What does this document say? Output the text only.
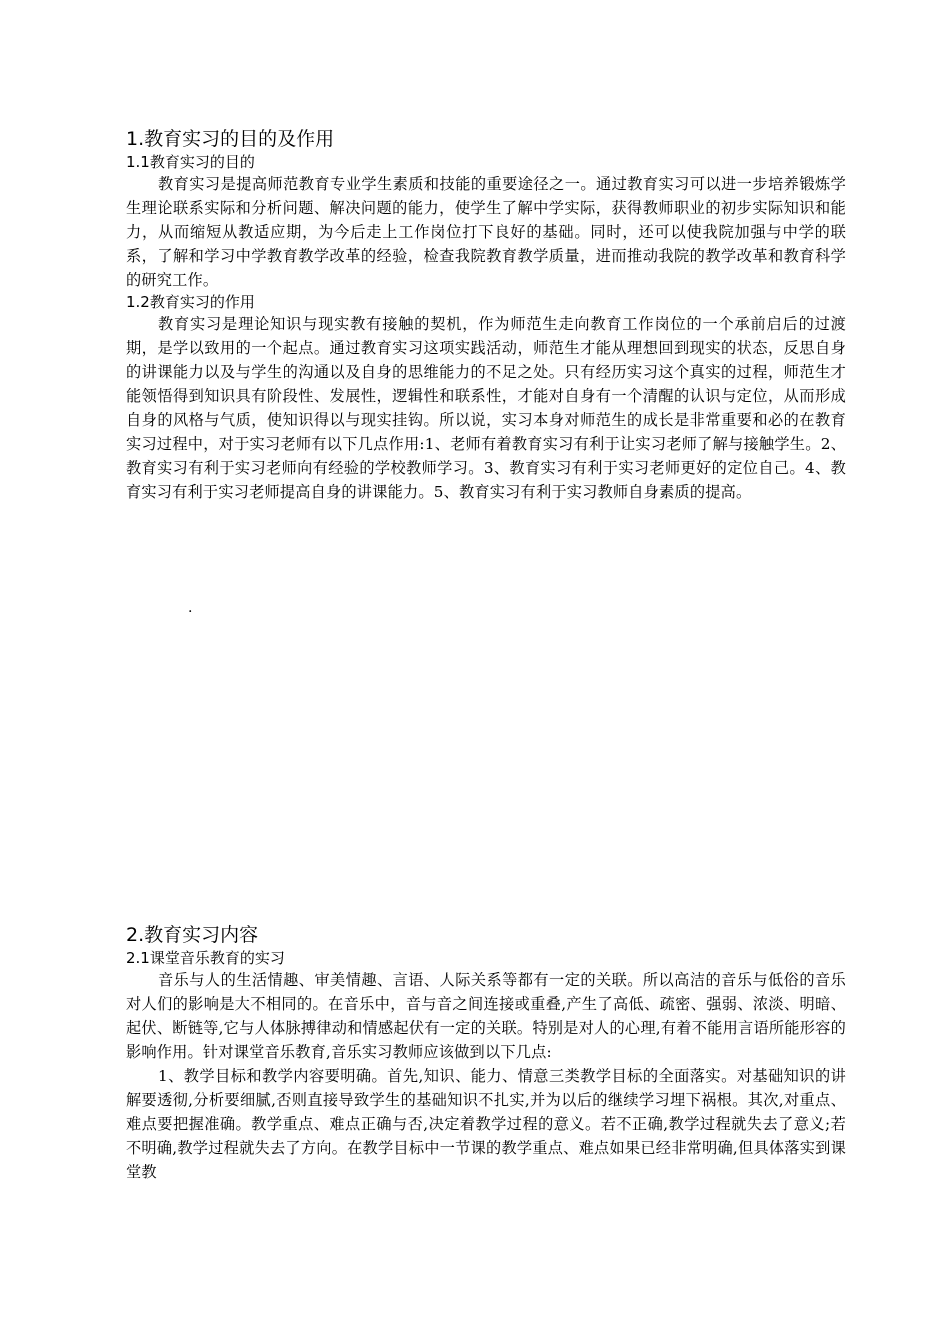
1.教育实习的目的及作用
1.1教育实习的目的

教育实习是提高师范教育专业学生素质和技能的重要途径之一。通过教育实习可以进一步培养锻炼学生理论联系实际和分析问题、解决问题的能力，使学生了解中学实际，获得教师职业的初步实际知识和能力，从而缩短从教适应期，为今后走上工作岗位打下良好的基础。同时，还可以使我院加强与中学的联系，了解和学习中学教育教学改革的经验，检查我院教育教学质量，进而推动我院的教学改革和教育科学的研究工作。

1.2教育实习的作用

教育实习是理论知识与现实教有接触的契机，作为师范生走向教育工作岗位的一个承前启后的过渡期，是学以致用的一个起点。通过教育实习这项实践活动，师范生才能从理想回到现实的状态，反思自身的讲课能力以及与学生的沟通以及自身的思维能力的不足之处。只有经历实习这个真实的过程，师范生才能领悟得到知识具有阶段性、发展性，逻辑性和联系性，才能对自身有一个清醒的认识与定位，从而形成自身的风格与气质，使知识得以与现实挂钩。所以说，实习本身对师范生的成长是非常重要和必的在教育实习过程中，对于实习老师有以下几点作用:1、老师有着教育实习有利于让实习老师了解与接触学生。2、教育实习有利于实习老师向有经验的学校教师学习。3、教育实习有利于实习老师更好的定位自己。4、教育实习有利于实习老师提高自身的讲课能力。5、教育实习有利于实习教师自身素质的提高。

.
2.教育实习内容
2.1课堂音乐教育的实习

音乐与人的生活情趣、审美情趣、言语、人际关系等都有一定的关联。所以高洁的音乐与低俗的音乐对人们的影响是大不相同的。在音乐中，音与音之间连接或重叠,产生了高低、疏密、强弱、浓淡、明暗、起伏、断链等,它与人体脉搏律动和情感起伏有一定的关联。特别是对人的心理,有着不能用言语所能形容的影响作用。针对课堂音乐教育,音乐实习教师应该做到以下几点:

1、教学目标和教学内容要明确。首先,知识、能力、情意三类教学目标的全面落实。对基础知识的讲解要透彻,分析要细腻,否则直接导致学生的基础知识不扎实,并为以后的继续学习埋下祸根。其次,对重点、难点要把握准确。教学重点、难点正确与否,决定着教学过程的意义。若不正确,教学过程就失去了意义;若不明确,教学过程就失去了方向。在教学目标中一节课的教学重点、难点如果已经非常明确,但具体落实到课堂教
